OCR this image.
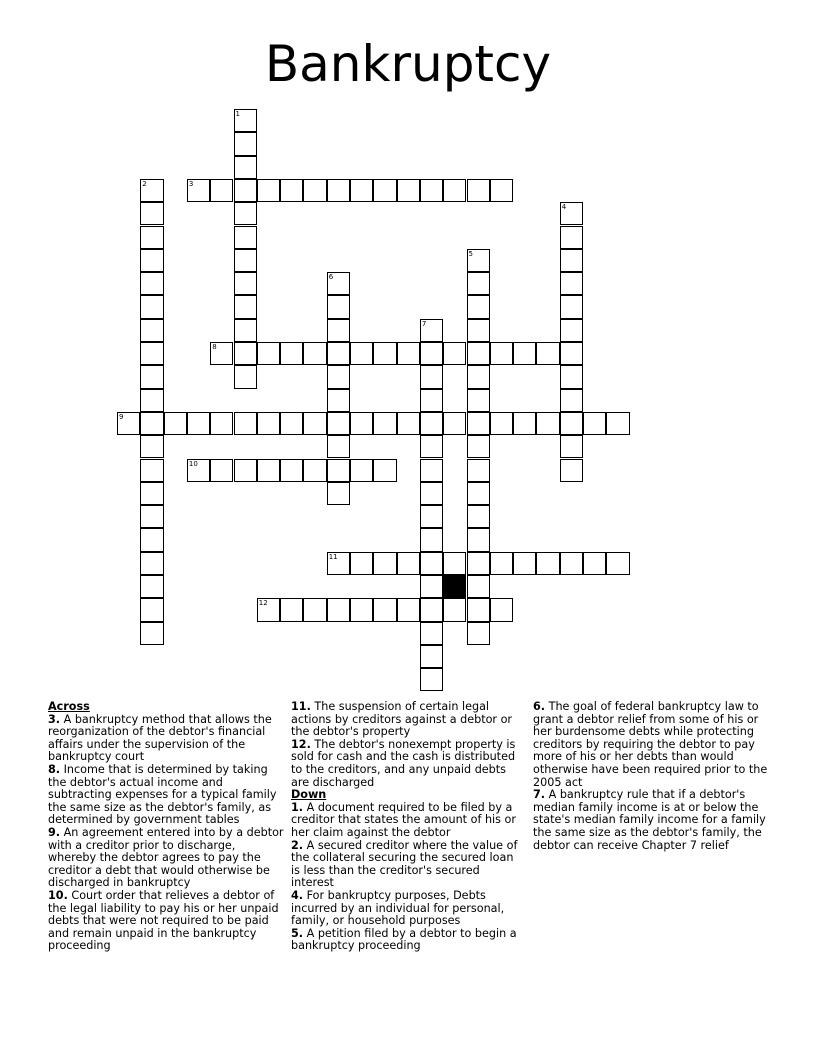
Bankruptcy
1
2	3
4
5
6
7
8
9
10
11
12
Across
3. A bankruptcy method that allows the reorganization of the debtor's financial affairs under the supervision of the bankruptcy court
8. Income that is determined by taking the debtor's actual income and subtracting expenses for a typical family the same size as the debtor's family, as determined by government tables
9. An agreement entered into by a debtor with a creditor prior to discharge, whereby the debtor agrees to pay the creditor a debt that would otherwise be discharged in bankruptcy
10. Court order that relieves a debtor of the legal liability to pay his or her unpaid debts that were not required to be paid and remain unpaid in the bankruptcy proceeding
11. The suspension of certain legal actions by creditors against a debtor or the debtor's property
12. The debtor's nonexempt property is sold for cash and the cash is distributed to the creditors, and any unpaid debts are discharged
Down
1. A document required to be filed by a creditor that states the amount of his or her claim against the debtor
2. A secured creditor where the value of the collateral securing the secured loan is less than the creditor's secured interest
4. For bankruptcy purposes, Debts incurred by an individual for personal, family, or household purposes
5. A petition filed by a debtor to begin a bankruptcy proceeding
6. The goal of federal bankruptcy law to grant a debtor relief from some of his or her burdensome debts while protecting creditors by requiring the debtor to pay more of his or her debts than would otherwise have been required prior to the 2005 act
7. A bankruptcy rule that if a debtor's median family income is at or below the state's median family income for a family the same size as the debtor's family, the debtor can receive Chapter 7 relief
